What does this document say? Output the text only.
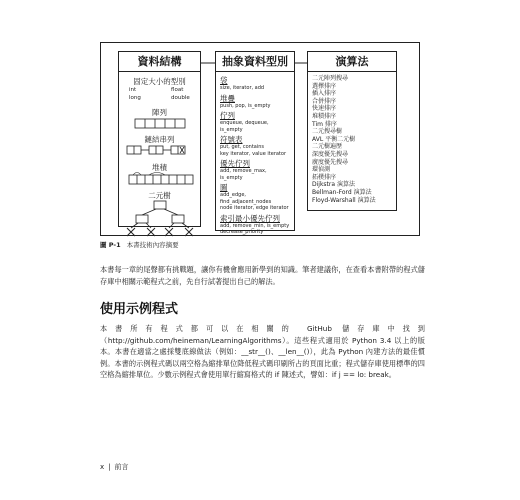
資料結構
固定大小的型別
int	float
long	double
陣列
鏈結串列
堆積
二元樹
抽象資料型別
袋
size, iterator, add
堆疊
push, pop, is_empty
佇列
enqueue, dequeue, is_empty
符號表
put, get, contains
key iterator, value iterator
優先佇列
add, remove_max, is_empty
圖
add_edge, find_adjacent_nodes
node iterator, edge iterator
索引最小優先佇列
add, remove_min, is_empty
decrease_priority
演算法
二元陣列搜尋
選擇排序
插入排序
合併排序
快速排序
堆積排序
Tim 排序
二元搜尋樹
AVL 平衡二元樹
二元樹遍歷
深度優先搜尋
廣度優先搜尋
環偵測
拓樸排序
Dijkstra 演算法
Bellman-Ford 演算法
Floyd-Warshall 演算法
圖 P-1 本書技術內容摘要

本書每一章的尾聲都有挑戰題，讓你有機會應用新學到的知識。筆者建議你，在查看本書附帶的程式儲存庫中相關示範程式之前，先自行試著提出自己的解法。

使用示例程式

本書所有程式都可以在相關的 GitHub 儲存庫中找到（http://github.com/heineman/LearningAlgorithms）。這些程式適用於 Python 3.4 以上的版本。本書在適當之處採雙底線做法（例如：__str__()、__len__()），此為 Python 內建方法的最佳慣例。本書的示例程式碼以兩空格為縮排單位降低程式碼印刷所占的頁面比重；程式儲存庫使用標準的四空格為縮排單位。少數示例程式會使用單行縮寫格式的 if 陳述式，譬如：if j == lo: break。

x | 前言
